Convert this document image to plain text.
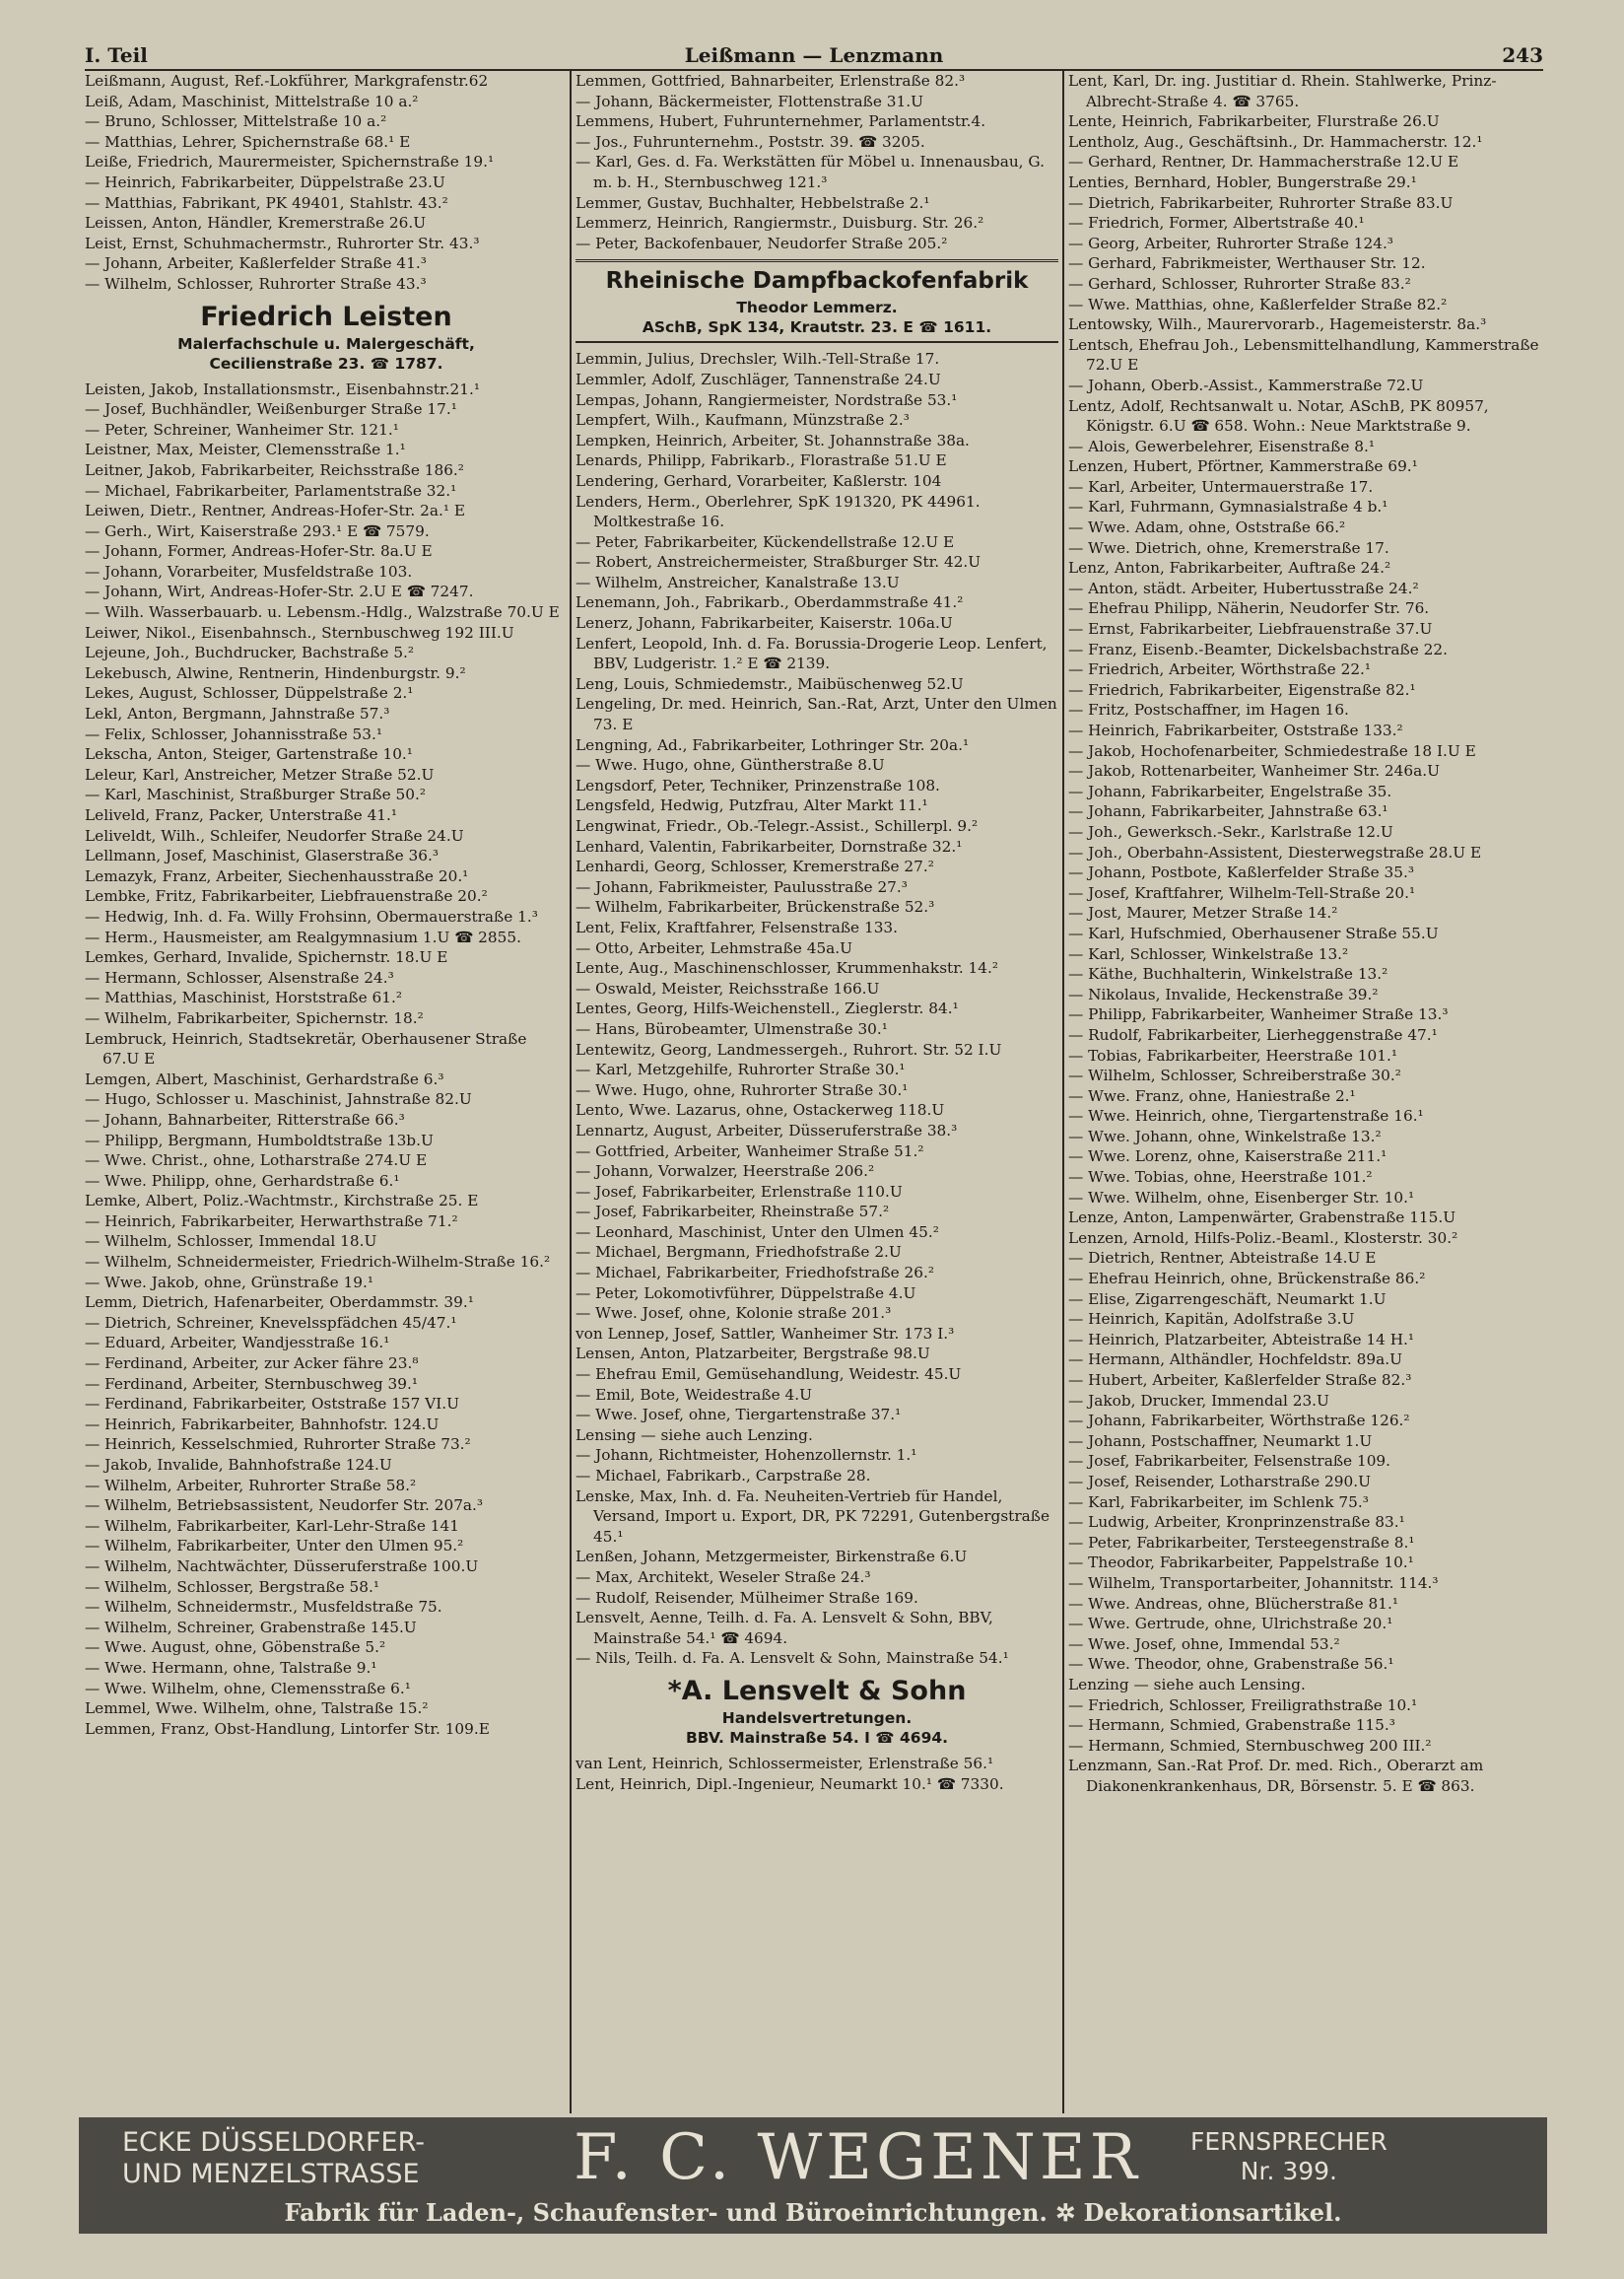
I. Teil	Leißmann — Lenzmann	243
Leißmann, August, Ref.-Lokführer, Markgrafenstr.62
Leiß, Adam, Maschinist, Mittelstraße 10 a.²
— Bruno, Schlosser, Mittelstraße 10 a.²
— Matthias, Lehrer, Spichernstraße 68.¹ E
Leiße, Friedrich, Maurermeister, Spichernstraße 19.¹
— Heinrich, Fabrikarbeiter, Düppelstraße 23.U
— Matthias, Fabrikant, PK 49401, Stahlstr. 43.²
Leissen, Anton, Händler, Kremerstraße 26.U
Leist, Ernst, Schuhmachermstr., Ruhrorter Str. 43.³
— Johann, Arbeiter, Kaßlerfelder Straße 41.³
— Wilhelm, Schlosser, Ruhrorter Straße 43.³
Friedrich Leisten
Malerfachschule u. Malergeschäft,
Cecilienstraße 23. ☎ 1787.
Leisten, Jakob, Installationsmstr., Eisenbahnstr.21.¹
— Josef, Buchhändler, Weißenburger Straße 17.¹
— Peter, Schreiner, Wanheimer Str. 121.¹
Leistner, Max, Meister, Clemensstraße 1.¹
Leitner, Jakob, Fabrikarbeiter, Reichsstraße 186.²
— Michael, Fabrikarbeiter, Parlamentstraße 32.¹
Leiwen, Dietr., Rentner, Andreas-Hofer-Str. 2a.¹ E
— Gerh., Wirt, Kaiserstraße 293.¹ E ☎ 7579.
— Johann, Former, Andreas-Hofer-Str. 8a.U E
— Johann, Vorarbeiter, Musfeldstraße 103.
— Johann, Wirt, Andreas-Hofer-Str. 2.U E ☎ 7247.
— Wilh. Wasserbauarb. u. Lebensm.-Hdlg., Walzstraße 70.U E
Leiwer, Nikol., Eisenbahnsch., Sternbuschweg 192 III.U
Lejeune, Joh., Buchdrucker, Bachstraße 5.²
Lekebusch, Alwine, Rentnerin, Hindenburgstr. 9.²
Lekes, August, Schlosser, Düppelstraße 2.¹
Lekl, Anton, Bergmann, Jahnstraße 57.³
— Felix, Schlosser, Johannisstraße 53.¹
Lekscha, Anton, Steiger, Gartenstraße 10.¹
Leleur, Karl, Anstreicher, Metzer Straße 52.U
— Karl, Maschinist, Straßburger Straße 50.²
Leliveld, Franz, Packer, Unterstraße 41.¹
Leliveldt, Wilh., Schleifer, Neudorfer Straße 24.U
Lellmann, Josef, Maschinist, Glaserstraße 36.³
Lemazyk, Franz, Arbeiter, Siechenhausstraße 20.¹
Lembke, Fritz, Fabrikarbeiter, Liebfrauenstraße 20.²
— Hedwig, Inh. d. Fa. Willy Frohsinn, Obermauerstraße 1.³
— Herm., Hausmeister, am Realgymnasium 1.U ☎ 2855.
Lemkes, Gerhard, Invalide, Spichernstr. 18.U E
— Hermann, Schlosser, Alsenstraße 24.³
— Matthias, Maschinist, Horststraße 61.²
— Wilhelm, Fabrikarbeiter, Spichernstr. 18.²
Lembruck, Heinrich, Stadtsekretär, Oberhausener Straße 67.U E
Lemgen, Albert, Maschinist, Gerhardstraße 6.³
— Hugo, Schlosser u. Maschinist, Jahnstraße 82.U
— Johann, Bahnarbeiter, Ritterstraße 66.³
— Philipp, Bergmann, Humboldtstraße 13b.U
— Wwe. Christ., ohne, Lotharstraße 274.U E
— Wwe. Philipp, ohne, Gerhardstraße 6.¹
Lemke, Albert, Poliz.-Wachtmstr., Kirchstraße 25. E
— Heinrich, Fabrikarbeiter, Herwarthstraße 71.²
— Wilhelm, Schlosser, Immendal 18.U
— Wilhelm, Schneidermeister, Friedrich-Wilhelm-Straße 16.²
— Wwe. Jakob, ohne, Grünstraße 19.¹
Lemm, Dietrich, Hafenarbeiter, Oberdammstr. 39.¹
— Dietrich, Schreiner, Knevelsspfädchen 45/47.¹
— Eduard, Arbeiter, Wandjesstraße 16.¹
— Ferdinand, Arbeiter, zur Acker fähre 23.⁸
— Ferdinand, Arbeiter, Sternbuschweg 39.¹
— Ferdinand, Fabrikarbeiter, Oststraße 157 VI.U
— Heinrich, Fabrikarbeiter, Bahnhofstr. 124.U
— Heinrich, Kesselschmied, Ruhrorter Straße 73.²
— Jakob, Invalide, Bahnhofstraße 124.U
— Wilhelm, Arbeiter, Ruhrorter Straße 58.²
— Wilhelm, Betriebsassistent, Neudorfer Str. 207a.³
— Wilhelm, Fabrikarbeiter, Karl-Lehr-Straße 141
— Wilhelm, Fabrikarbeiter, Unter den Ulmen 95.²
— Wilhelm, Nachtwächter, Düsseruferstraße 100.U
— Wilhelm, Schlosser, Bergstraße 58.¹
— Wilhelm, Schneidermstr., Musfeldstraße 75.
— Wilhelm, Schreiner, Grabenstraße 145.U
— Wwe. August, ohne, Göbenstraße 5.²
— Wwe. Hermann, ohne, Talstraße 9.¹
— Wwe. Wilhelm, ohne, Clemensstraße 6.¹
Lemmel, Wwe. Wilhelm, ohne, Talstraße 15.²
Lemmen, Franz, Obst-Handlung, Lintorfer Str. 109.E
Lemmen, Gottfried, Bahnarbeiter, Erlenstraße 82.³
— Johann, Bäckermeister, Flottenstraße 31.U
Lemmens, Hubert, Fuhrunternehmer, Parlamentstr.4.
— Jos., Fuhrunternehm., Poststr. 39. ☎ 3205.
— Karl, Ges. d. Fa. Werkstätten für Möbel u. Innenausbau, G. m. b. H., Sternbuschweg 121.³
Lemmer, Gustav, Buchhalter, Hebbelstraße 2.¹
Lemmerz, Heinrich, Rangiermstr., Duisburg. Str. 26.²
— Peter, Backofenbauer, Neudorfer Straße 205.²
Rheinische Dampfbackofenfabrik
Theodor Lemmerz.
ASchB, SpK 134, Krautstr. 23. E ☎ 1611.
Lemmin, Julius, Drechsler, Wilh.-Tell-Straße 17.
Lemmler, Adolf, Zuschläger, Tannenstraße 24.U
Lempas, Johann, Rangiermeister, Nordstraße 53.¹
Lempfert, Wilh., Kaufmann, Münzstraße 2.³
Lempken, Heinrich, Arbeiter, St. Johannstraße 38a.
Lenards, Philipp, Fabrikarb., Florastraße 51.U E
Lendering, Gerhard, Vorarbeiter, Kaßlerstr. 104
Lenders, Herm., Oberlehrer, SpK 191320, PK 44961. Moltkestraße 16.
— Peter, Fabrikarbeiter, Kückendellstraße 12.U E
— Robert, Anstreichermeister, Straßburger Str. 42.U
— Wilhelm, Anstreicher, Kanalstraße 13.U
Lenemann, Joh., Fabrikarb., Oberdammstraße 41.²
Lenerz, Johann, Fabrikarbeiter, Kaiserstr. 106a.U
Lenfert, Leopold, Inh. d. Fa. Borussia-Drogerie Leop. Lenfert, BBV, Ludgeristr. 1.² E ☎ 2139.
Leng, Louis, Schmiedemstr., Maibüschenweg 52.U
Lengeling, Dr. med. Heinrich, San.-Rat, Arzt, Unter den Ulmen 73. E
Lengning, Ad., Fabrikarbeiter, Lothringer Str. 20a.¹
— Wwe. Hugo, ohne, Güntherstraße 8.U
Lengsdorf, Peter, Techniker, Prinzenstraße 108.
Lengsfeld, Hedwig, Putzfrau, Alter Markt 11.¹
Lengwinat, Friedr., Ob.-Telegr.-Assist., Schillerpl. 9.²
Lenhard, Valentin, Fabrikarbeiter, Dornstraße 32.¹
Lenhardi, Georg, Schlosser, Kremerstraße 27.²
— Johann, Fabrikmeister, Paulusstraße 27.³
— Wilhelm, Fabrikarbeiter, Brückenstraße 52.³
Lent, Felix, Kraftfahrer, Felsenstraße 133.
— Otto, Arbeiter, Lehmstraße 45a.U
Lente, Aug., Maschinenschlosser, Krummenhakstr. 14.²
— Oswald, Meister, Reichsstraße 166.U
Lentes, Georg, Hilfs-Weichenstell., Zieglerstr. 84.¹
— Hans, Bürobeamter, Ulmenstraße 30.¹
Lentewitz, Georg, Landmessergeh., Ruhrort. Str. 52 I.U
— Karl, Metzgehilfe, Ruhrorter Straße 30.¹
— Wwe. Hugo, ohne, Ruhrorter Straße 30.¹
Lento, Wwe. Lazarus, ohne, Ostackerweg 118.U
Lennartz, August, Arbeiter, Düsseruferstraße 38.³
— Gottfried, Arbeiter, Wanheimer Straße 51.²
— Johann, Vorwalzer, Heerstraße 206.²
— Josef, Fabrikarbeiter, Erlenstraße 110.U
— Josef, Fabrikarbeiter, Rheinstraße 57.²
— Leonhard, Maschinist, Unter den Ulmen 45.²
— Michael, Bergmann, Friedhofstraße 2.U
— Michael, Fabrikarbeiter, Friedhofstraße 26.²
— Peter, Lokomotivführer, Düppelstraße 4.U
— Wwe. Josef, ohne, Kolonie straße 201.³
von Lennep, Josef, Sattler, Wanheimer Str. 173 I.³
Lensen, Anton, Platzarbeiter, Bergstraße 98.U
— Ehefrau Emil, Gemüsehandlung, Weidestr. 45.U
— Emil, Bote, Weidestraße 4.U
— Wwe. Josef, ohne, Tiergartenstraße 37.¹
Lensing — siehe auch Lenzing.
— Johann, Richtmeister, Hohenzollernstr. 1.¹
— Michael, Fabrikarb., Carpstraße 28.
Lenske, Max, Inh. d. Fa. Neuheiten-Vertrieb für Handel, Versand, Import u. Export, DR, PK 72291, Gutenbergstraße 45.¹
Lenßen, Johann, Metzgermeister, Birkenstraße 6.U
— Max, Architekt, Weseler Straße 24.³
— Rudolf, Reisender, Mülheimer Straße 169.
Lensvelt, Aenne, Teilh. d. Fa. A. Lensvelt & Sohn, BBV, Mainstraße 54.¹ ☎ 4694.
— Nils, Teilh. d. Fa. A. Lensvelt & Sohn, Mainstraße 54.¹
*A. Lensvelt & Sohn
Handelsvertretungen.
BBV. Mainstraße 54. I ☎ 4694.
van Lent, Heinrich, Schlossermeister, Erlenstraße 56.¹
Lent, Heinrich, Dipl.-Ingenieur, Neumarkt 10.¹ ☎ 7330.
Lent, Karl, Dr. ing. Justitiar d. Rhein. Stahlwerke, Prinz-Albrecht-Straße 4. ☎ 3765.
Lente, Heinrich, Fabrikarbeiter, Flurstraße 26.U
Lentholz, Aug., Geschäftsinh., Dr. Hammacherstr. 12.¹
— Gerhard, Rentner, Dr. Hammacherstraße 12.U E
Lenties, Bernhard, Hobler, Bungerstraße 29.¹
— Dietrich, Fabrikarbeiter, Ruhrorter Straße 83.U
— Friedrich, Former, Albertstraße 40.¹
— Georg, Arbeiter, Ruhrorter Straße 124.³
— Gerhard, Fabrikmeister, Werthauser Str. 12.
— Gerhard, Schlosser, Ruhrorter Straße 83.²
— Wwe. Matthias, ohne, Kaßlerfelder Straße 82.²
Lentowsky, Wilh., Maurervorarb., Hagemeisterstr. 8a.³
Lentsch, Ehefrau Joh., Lebensmittelhandlung, Kammerstraße 72.U E
— Johann, Oberb.-Assist., Kammerstraße 72.U
Lentz, Adolf, Rechtsanwalt u. Notar, ASchB, PK 80957, Königstr. 6.U ☎ 658. Wohn.: Neue Marktstraße 9.
— Alois, Gewerbelehrer, Eisenstraße 8.¹
Lenzen, Hubert, Pförtner, Kammerstraße 69.¹
— Karl, Arbeiter, Untermauerstraße 17.
— Karl, Fuhrmann, Gymnasialstraße 4 b.¹
— Wwe. Adam, ohne, Oststraße 66.²
— Wwe. Dietrich, ohne, Kremerstraße 17.
Lenz, Anton, Fabrikarbeiter, Auftraße 24.²
— Anton, städt. Arbeiter, Hubertusstraße 24.²
— Ehefrau Philipp, Näherin, Neudorfer Str. 76.
— Ernst, Fabrikarbeiter, Liebfrauenstraße 37.U
— Franz, Eisenb.-Beamter, Dickelsbachstraße 22.
— Friedrich, Arbeiter, Wörthstraße 22.¹
— Friedrich, Fabrikarbeiter, Eigenstraße 82.¹
— Fritz, Postschaffner, im Hagen 16.
— Heinrich, Fabrikarbeiter, Oststraße 133.²
— Jakob, Hochofenarbeiter, Schmiedestraße 18 I.U E
— Jakob, Rottenarbeiter, Wanheimer Str. 246a.U
— Johann, Fabrikarbeiter, Engelstraße 35.
— Johann, Fabrikarbeiter, Jahnstraße 63.¹
— Joh., Gewerksch.-Sekr., Karlstraße 12.U
— Joh., Oberbahn-Assistent, Diesterwegstraße 28.U E
— Johann, Postbote, Kaßlerfelder Straße 35.³
— Josef, Kraftfahrer, Wilhelm-Tell-Straße 20.¹
— Jost, Maurer, Metzer Straße 14.²
— Karl, Hufschmied, Oberhausener Straße 55.U
— Karl, Schlosser, Winkelstraße 13.²
— Käthe, Buchhalterin, Winkelstraße 13.²
— Nikolaus, Invalide, Heckenstraße 39.²
— Philipp, Fabrikarbeiter, Wanheimer Straße 13.³
— Rudolf, Fabrikarbeiter, Lierheggenstraße 47.¹
— Tobias, Fabrikarbeiter, Heerstraße 101.¹
— Wilhelm, Schlosser, Schreiberstraße 30.²
— Wwe. Franz, ohne, Haniestraße 2.¹
— Wwe. Heinrich, ohne, Tiergartenstraße 16.¹
— Wwe. Johann, ohne, Winkelstraße 13.²
— Wwe. Lorenz, ohne, Kaiserstraße 211.¹
— Wwe. Tobias, ohne, Heerstraße 101.²
— Wwe. Wilhelm, ohne, Eisenberger Str. 10.¹
Lenze, Anton, Lampenwärter, Grabenstraße 115.U
Lenzen, Arnold, Hilfs-Poliz.-Beaml., Klosterstr. 30.²
— Dietrich, Rentner, Abteistraße 14.U E
— Ehefrau Heinrich, ohne, Brückenstraße 86.²
— Elise, Zigarrengeschäft, Neumarkt 1.U
— Heinrich, Kapitän, Adolfstraße 3.U
— Heinrich, Platzarbeiter, Abteistraße 14 H.¹
— Hermann, Althändler, Hochfeldstr. 89a.U
— Hubert, Arbeiter, Kaßlerfelder Straße 82.³
— Jakob, Drucker, Immendal 23.U
— Johann, Fabrikarbeiter, Wörthstraße 126.²
— Johann, Postschaffner, Neumarkt 1.U
— Josef, Fabrikarbeiter, Felsenstraße 109.
— Josef, Reisender, Lotharstraße 290.U
— Karl, Fabrikarbeiter, im Schlenk 75.³
— Ludwig, Arbeiter, Kronprinzenstraße 83.¹
— Peter, Fabrikarbeiter, Tersteegenstraße 8.¹
— Theodor, Fabrikarbeiter, Pappelstraße 10.¹
— Wilhelm, Transportarbeiter, Johannitstr. 114.³
— Wwe. Andreas, ohne, Blücherstraße 81.¹
— Wwe. Gertrude, ohne, Ulrichstraße 20.¹
— Wwe. Josef, ohne, Immendal 53.²
— Wwe. Theodor, ohne, Grabenstraße 56.¹
Lenzing — siehe auch Lensing.
— Friedrich, Schlosser, Freiligrathstraße 10.¹
— Hermann, Schmied, Grabenstraße 115.³
— Hermann, Schmied, Sternbuschweg 200 III.²
Lenzmann, San.-Rat Prof. Dr. med. Rich., Oberarzt am Diakonenkrankenhaus, DR, Börsenstr. 5. E ☎ 863.
ECKE DÜSSELDORFER-
UND MENZELSTRASSE F. C. WEGENER FERNSPRECHER
Nr. 399.
Fabrik für Laden-, Schaufenster- und Büroeinrichtungen. ✲ Dekorationsartikel.
